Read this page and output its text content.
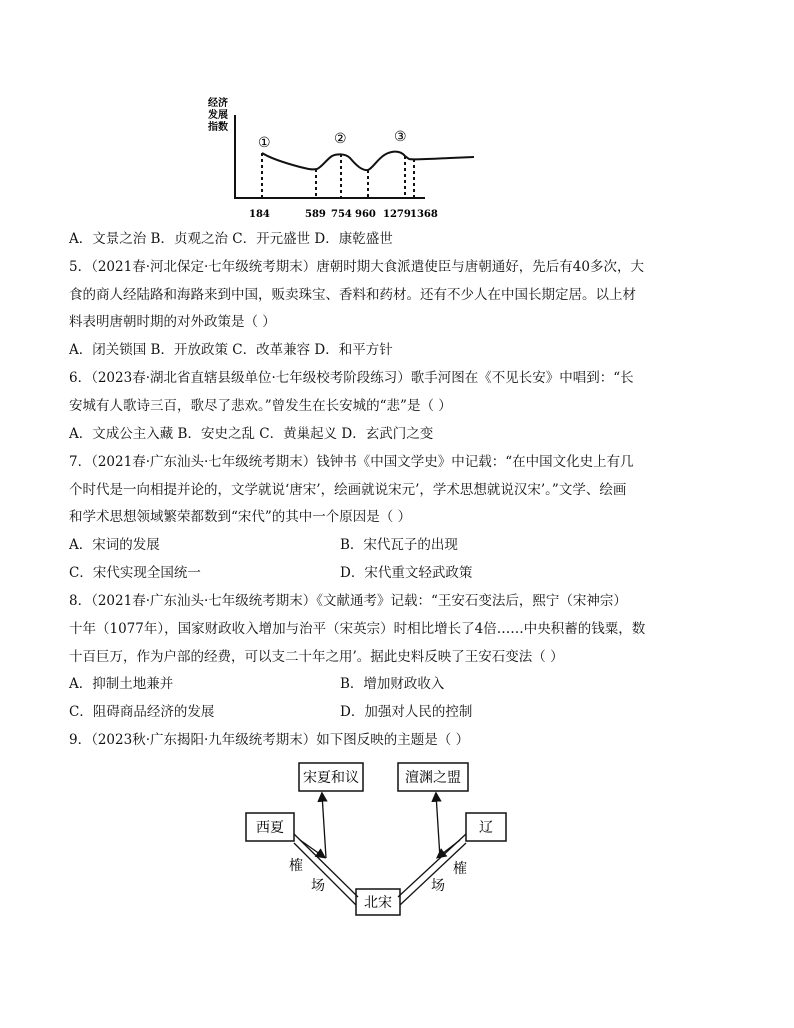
经济
发展
指数
①	②	③
184	589 754 960 1279 1368
A．文景之治 B．贞观之治 C．开元盛世 D．康乾盛世
5．（2021春·河北保定·七年级统考期末）唐朝时期大食派遣使臣与唐朝通好，先后有40多次，大
食的商人经陆路和海路来到中国，贩卖珠宝、香料和药材。还有不少人在中国长期定居。以上材
料表明唐朝时期的对外政策是（ ）
A．闭关锁国 B．开放政策 C．改革兼容 D．和平方针
6．（2023春·湖北省直辖县级单位·七年级校考阶段练习）歌手河图在《不见长安》中唱到：“长
安城有人歌诗三百，歌尽了悲欢。”曾发生在长安城的“悲”是（ ）
A．文成公主入藏 B．安史之乱 C．黄巢起义 D．玄武门之变
7．（2021春·广东汕头·七年级统考期末）钱钟书《中国文学史》中记载：“在中国文化史上有几
个时代是一向相提并论的，文学就说‘唐宋’，绘画就说宋元’，学术思想就说汉宋’。”文学、绘画
和学术思想领域繁荣都数到“宋代”的其中一个原因是（ ）
A．宋词的发展	B．宋代瓦子的出现
C．宋代实现全国统一	D．宋代重文轻武政策
8．（2021春·广东汕头·七年级统考期末）《文献通考》记载：“王安石变法后，熙宁（宋神宗）
十年（1077年），国家财政收入增加与治平（宋英宗）时相比增长了4倍……中央积蓄的钱粟，数
十百巨万，作为户部的经费，可以支二十年之用’。据此史料反映了王安石变法（ ）
A．抑制土地兼并	B．增加财政收入
C．阻碍商品经济的发展	D．加强对人民的控制
9．（2023秋·广东揭阳·九年级统考期末）如下图反映的主题是（ ）
宋夏和议	澶渊之盟
西夏	辽
北宋
榷
场
榷
场
